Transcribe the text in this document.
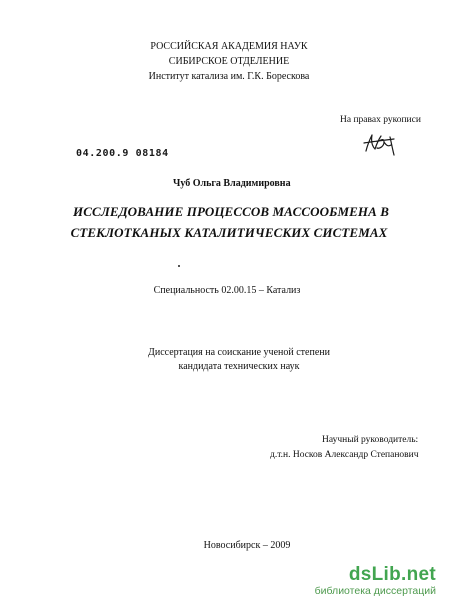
РОССИЙСКАЯ АКАДЕМИЯ НАУК
СИБИРСКОЕ ОТДЕЛЕНИЕ
Институт катализа им. Г.К. Борескова
На правах рукописи
04.200.9 08184
Чуб Ольга Владимировна
ИССЛЕДОВАНИЕ ПРОЦЕССОВ МАССООБМЕНА В
СТЕКЛОТКАНЫХ КАТАЛИТИЧЕСКИХ СИСТЕМАХ
Специальность 02.00.15 – Катализ
Диссертация на соискание ученой степени
кандидата технических наук
Научный руководитель:
д.т.н. Носков Александр Степанович
Новосибирск – 2009
dsLib.net
библиотека диссертаций
